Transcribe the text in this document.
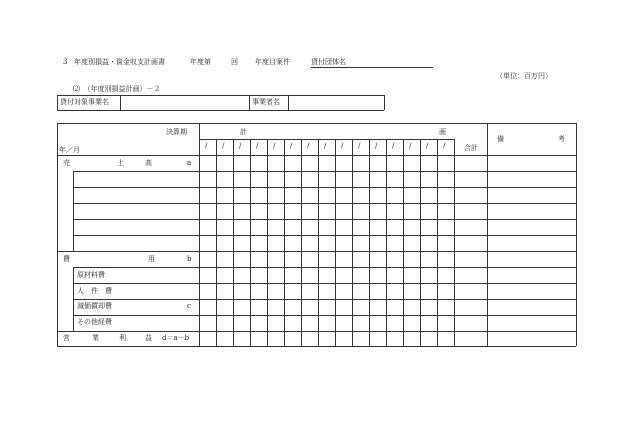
3 年度別損益・資金収支計画書	年度第	回 年度目案件	貸付団体名
（単位：百万円）
⑵　（年度別損益計画）－２
貸付対象事業名	事業者名
決算期
年／月
計	画
合計
備	考
/ / / / / / / / / / / / / / /
売	上	高	a
費	用	b
原材料費
人　件　費
減価償却費	c
その他経費
営	業	利	益 d＝a－b
